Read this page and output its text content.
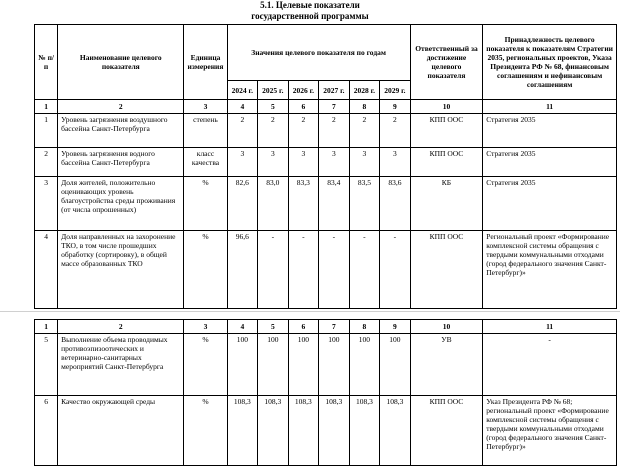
5.1. Целевые показатели
государственной программы
№ п/п	Наименование целевого показателя	Единица измерения	Значения целевого показателя по годам						Ответственный за достижение целевого показателя	Принадлежность целевого показателя к показателям Стратегии 2035, региональных проектов, Указа Президента РФ № 68, финансовым соглашениям и нефинансовым соглашениям
			2024 г.	2025 г.	2026 г.	2027 г.	2028 г.	2029 г.		
1	2	3	4	5	6	7	8	9	10	11
1	Уровень загрязнения воздушного бассейна Санкт-Петербурга	степень	2	2	2	2	2	2	КПП ООС	Стратегия 2035
2	Уровень загрязнения водного бассейна Санкт-Петербурга	класс качества	3	3	3	3	3	3	КПП ООС	Стратегия 2035
3	Доля жителей, положительно оценивающих уровень благоустройства среды проживания (от числа опрошенных)	%	82,6	83,0	83,3	83,4	83,5	83,6	КБ	Стратегия 2035
4	Доля направленных на захоронение ТКО, в том числе прошедших обработку (сортировку), в общей массе образованных ТКО	%	96,6	-	-	-	-	-	КПП ООС	Региональный проект «Формирование комплексной системы обращения с твердыми коммунальными отходами (город федерального значения Санкт-Петербург)»
1	2	3	4	5	6	7	8	9	10	11
5	Выполнение объема проводимых противоэпизоотических и ветеринарно-санитарных мероприятий Санкт-Петербурга	%	100	100	100	100	100	100	УВ	-
6	Качество окружающей среды	%	108,3	108,3	108,3	108,3	108,3	108,3	КПП ООС	Указ Президента РФ № 68; региональный проект «Формирование комплексной системы обращения с твердыми коммунальными отходами (город федерального значения Санкт-Петербург)»
